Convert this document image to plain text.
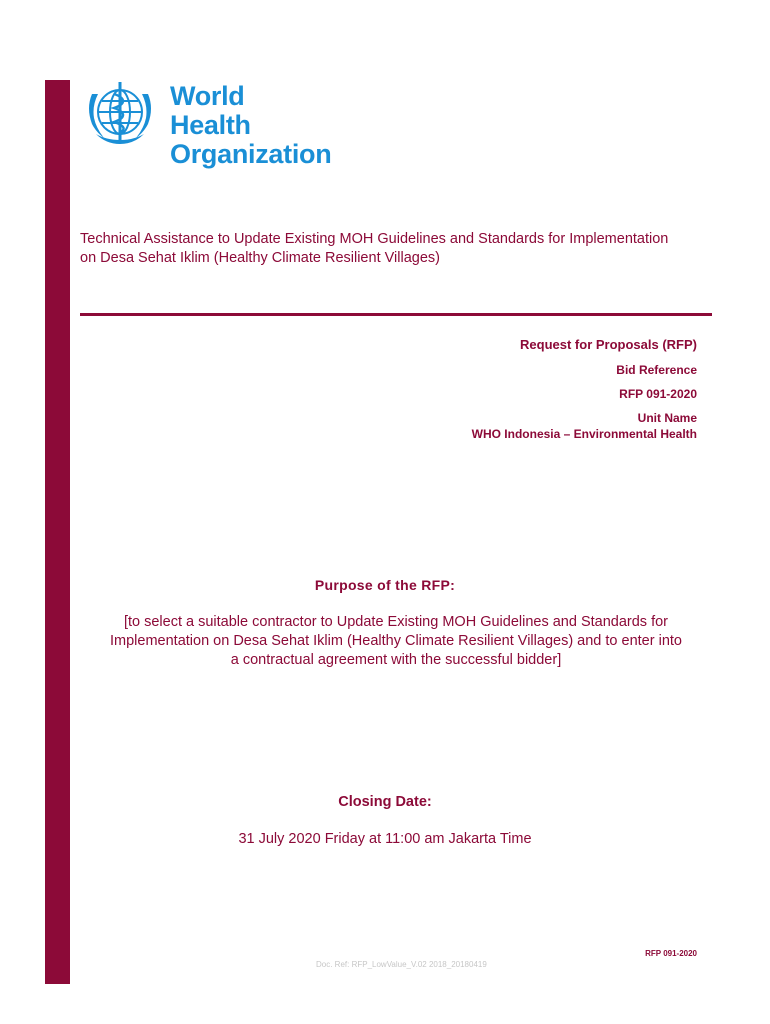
World Health
Organization
Technical Assistance to Update Existing MOH Guidelines and Standards for Implementation
on Desa Sehat Iklim (Healthy Climate Resilient Villages)
Request for Proposals (RFP)
Bid Reference
RFP 091-2020
Unit Name
WHO Indonesia – Environmental Health
Purpose of the RFP:
[to select a suitable contractor to Update Existing MOH Guidelines and Standards for
Implementation on Desa Sehat Iklim (Healthy Climate Resilient Villages) and to enter into
a contractual agreement with the successful bidder]
Closing Date:
31 July 2020 Friday at 11:00 am Jakarta Time
RFP 091-2020
Doc. Ref: RFP_LowValue_V.02 2018_20180419
